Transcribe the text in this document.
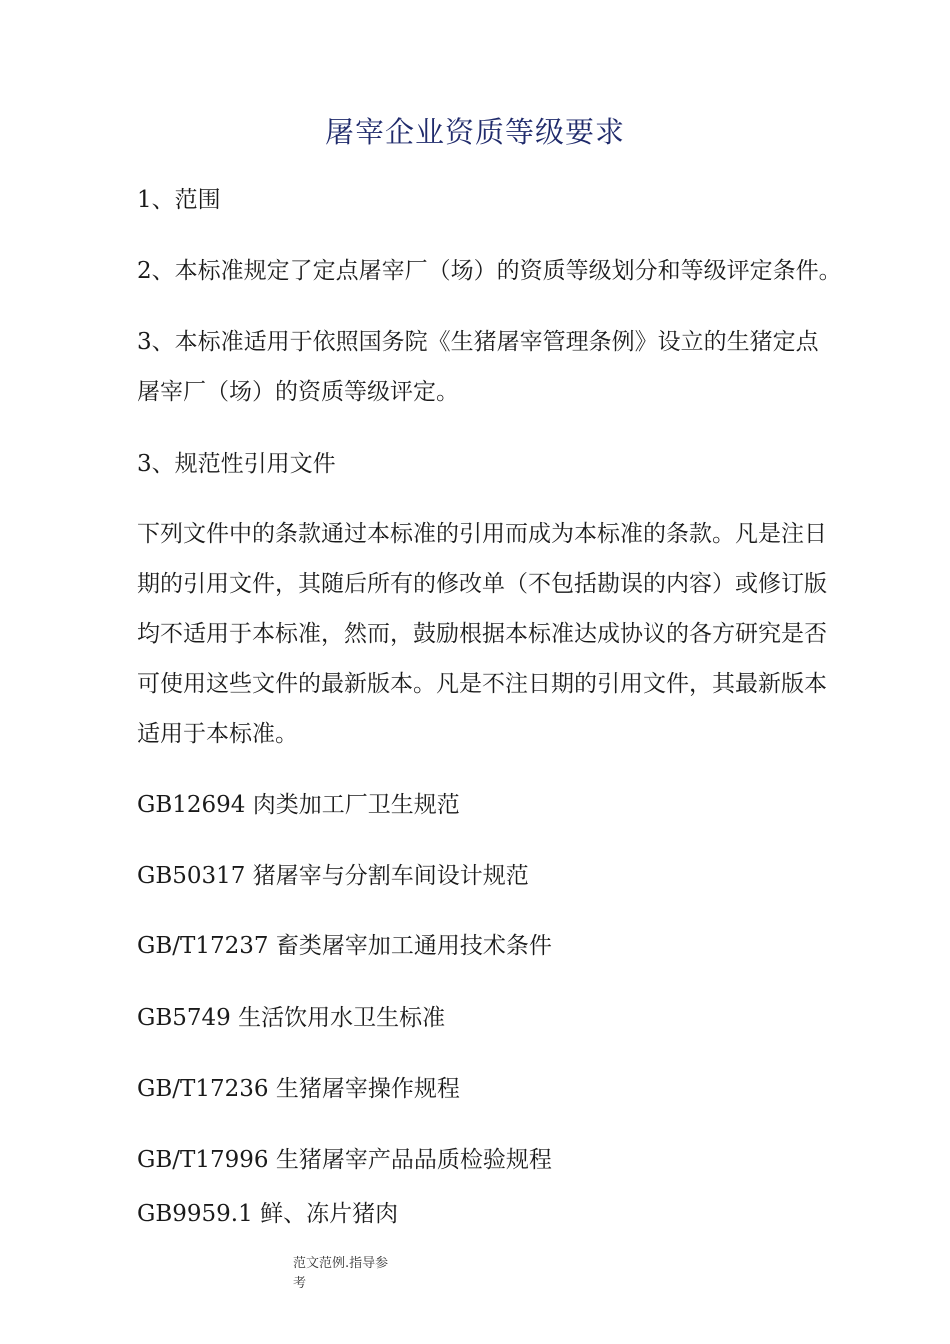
屠宰企业资质等级要求
1、范围
2、本标准规定了定点屠宰厂（场）的资质等级划分和等级评定条件。
3、本标准适用于依照国务院《生猪屠宰管理条例》设立的生猪定点
屠宰厂（场）的资质等级评定。
3、规范性引用文件
下列文件中的条款通过本标准的引用而成为本标准的条款。凡是注日
期的引用文件，其随后所有的修改单（不包括勘误的内容）或修订版
均不适用于本标准，然而，鼓励根据本标准达成协议的各方研究是否
可使用这些文件的最新版本。凡是不注日期的引用文件，其最新版本
适用于本标准。
GB12694 肉类加工厂卫生规范
GB50317 猪屠宰与分割车间设计规范
GB/T17237 畜类屠宰加工通用技术条件
GB5749 生活饮用水卫生标准
GB/T17236 生猪屠宰操作规程
GB/T17996 生猪屠宰产品品质检验规程
GB9959.1 鲜、冻片猪肉
范文范例.指导参
考
